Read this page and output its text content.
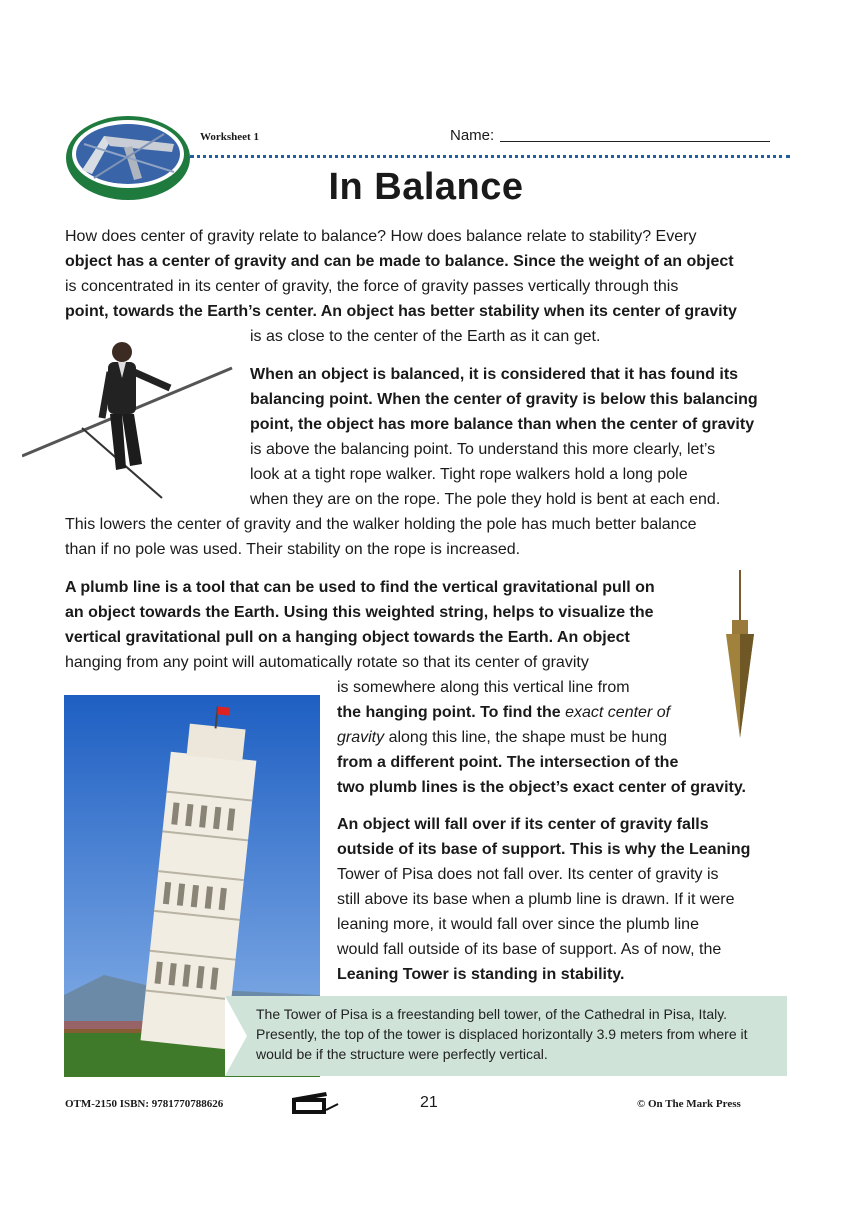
Worksheet 1	Name:
In Balance
How does center of gravity relate to balance? How does balance relate to stability? Every
object has a center of gravity and can be made to balance. Since the weight of an object
is concentrated in its center of gravity, the force of gravity passes vertically through this
point, towards the Earth’s center. An object has better stability when its center of gravity
is as close to the center of the Earth as it can get.
When an object is balanced, it is considered that it has found its
balancing point. When the center of gravity is below this balancing
point, the object has more balance than when the center of gravity
is above the balancing point. To understand this more clearly, let’s
look at a tight rope walker. Tight rope walkers hold a long pole
when they are on the rope. The pole they hold is bent at each end.
This lowers the center of gravity and the walker holding the pole has much better balance
than if no pole was used. Their stability on the rope is increased.
A plumb line is a tool that can be used to find the vertical gravitational pull on
an object towards the Earth. Using this weighted string, helps to visualize the
vertical gravitational pull on a hanging object towards the Earth. An object
hanging from any point will automatically rotate so that its center of gravity
is somewhere along this vertical line from
the hanging point. To find the exact center of
gravity along this line, the shape must be hung
from a different point. The intersection of the
two plumb lines is the object’s exact center of gravity.
An object will fall over if its center of gravity falls
outside of its base of support. This is why the Leaning
Tower of Pisa does not fall over. Its center of gravity is
still above its base when a plumb line is drawn. If it were
leaning more, it would fall over since the plumb line
would fall outside of its base of support. As of now, the
Leaning Tower is standing in stability.
The Tower of Pisa is a freestanding bell tower, of the Cathedral in Pisa, Italy. Presently, the top of the tower is displaced horizontally 3.9 meters from where it would be if the structure were perfectly vertical.
OTM-2150 ISBN: 9781770788626	21	© On The Mark Press
